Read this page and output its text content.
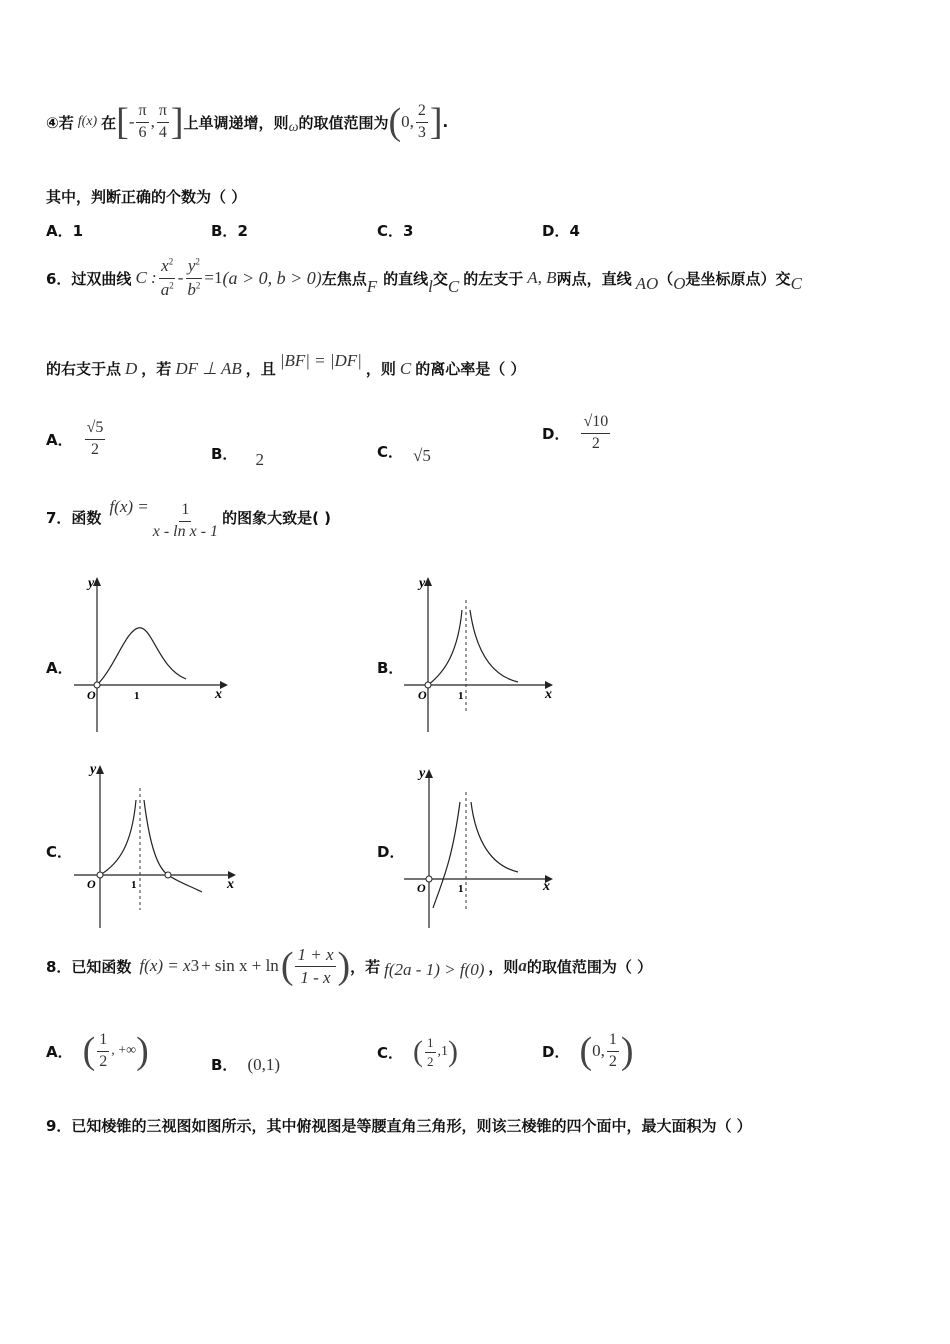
④若 f(x) 在 [ - $\frac{\pi}{6}$ , $\frac{\pi}{4}$ ] 上单调递增，则 ω 的取值范围为 ( 0, $\frac{2}{3}$ ] .
其中，判断正确的个数为（ ）
A． 1	B． 2	C． 3	D． 4
6．过双曲线 C : $\frac{x^2}{a^2} - \frac{y^2}{b^2} =1$ (a > 0, b > 0) 左焦点 F 的直线 l 交 C 的左支于 A, B 两点，直线 AO （ O 是坐标原点）交 C
的右支于点 D ，若 DF ⊥ AB ，且 |BF| = |DF| ，则 C 的离心率是（ ）
A． $\frac{√5}{2}$	B． 2	C． √5
D． $\frac{√10}{2}$
7．函数
$f(x) = \frac{1}{\text{x - ln x - 1}}$ 的图象大致是( )
A．	B．
C．	D．
O	1	x
y
O	1	x
y
O	1	x
y
O	1	x
y
8．已知函数 f(x) = x 3 + sin x + ln ( $\frac{1 + x}{1 - x}$ ) ，若 f(2a - 1) > f(0) ，则 a 的取值范围为（ ）
A． ( $\frac{1}{2}$ , +∞ )	B． (0,1)
C． ( $\frac{1}{2} ,1$ )	D． ( 0, $\frac{1}{2}$ )
9．已知棱锥的三视图如图所示，其中俯视图是等腰直角三角形，则该三棱锥的四个面中，最大面积为（ ）
